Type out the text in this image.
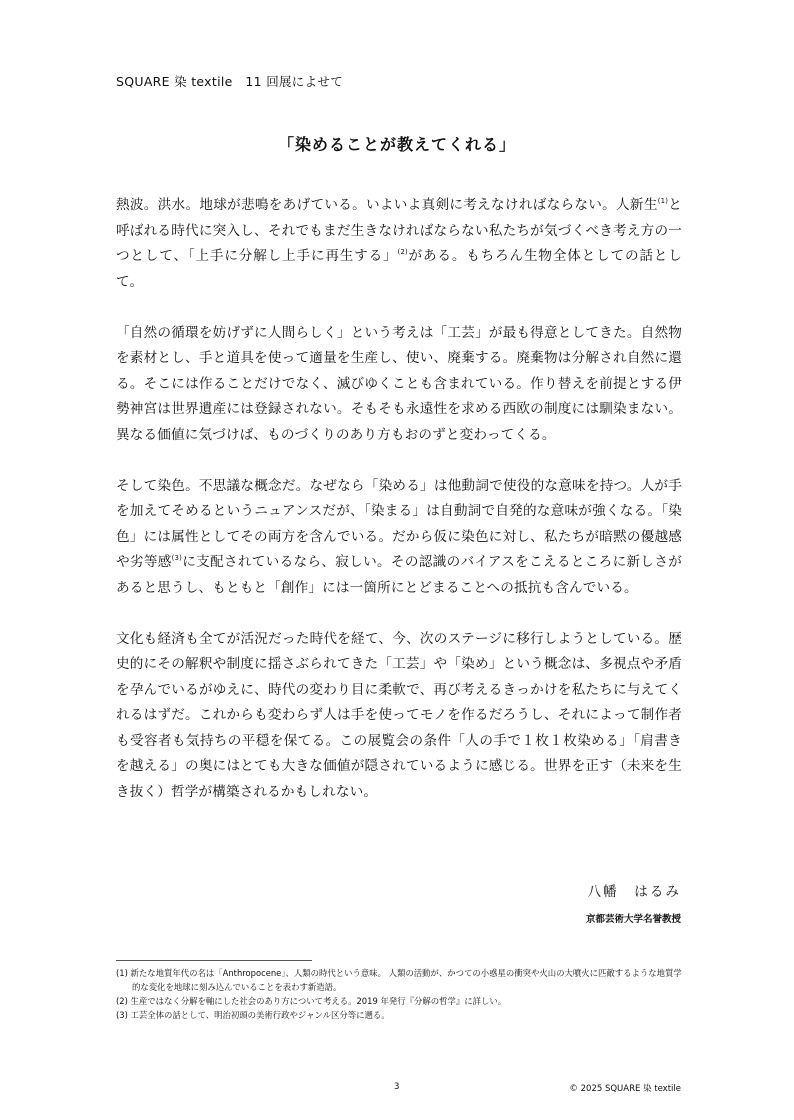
SQUARE 染 textile　11 回展によせて
「染めることが教えてくれる」

熱波。洪水。地球が悲鳴をあげている。いよいよ真剣に考えなければならない。人新生$^{(1)}$と呼ばれる時代に突入し、それでもまだ生きなければならない私たちが気づくべき考え方の一つとして、「上手に分解し上手に再生する」$^{(2)}$がある。もちろん生物全体としての話として。

「自然の循環を妨げずに人間らしく」という考えは「工芸」が最も得意としてきた。自然物を素材とし、手と道具を使って適量を生産し、使い、廃棄する。廃棄物は分解され自然に還る。そこには作ることだけでなく、滅びゆくことも含まれている。作り替えを前提とする伊勢神宮は世界遺産には登録されない。そもそも永遠性を求める西欧の制度には馴染まない。異なる価値に気づけば、ものづくりのあり方もおのずと変わってくる。

そして染色。不思議な概念だ。なぜなら「染める」は他動詞で使役的な意味を持つ。人が手を加えてそめるというニュアンスだが、「染まる」は自動詞で自発的な意味が強くなる。「染色」には属性としてその両方を含んでいる。だから仮に染色に対し、私たちが暗黙の優越感や劣等感$^{(3)}$に支配されているなら、寂しい。その認識のバイアスをこえるところに新しさがあると思うし、もともと「創作」には一箇所にとどまることへの抵抗も含んでいる。

文化も経済も全てが活況だった時代を経て、今、次のステージに移行しようとしている。歴史的にその解釈や制度に揺さぶられてきた「工芸」や「染め」という概念は、多視点や矛盾を孕んでいるがゆえに、時代の変わり目に柔軟で、再び考えるきっかけを私たちに与えてくれるはずだ。これからも変わらず人は手を使ってモノを作るだろうし、それによって制作者も受容者も気持ちの平穏を保てる。この展覧会の条件「人の手で１枚１枚染める」「肩書きを越える」の奥にはとても大きな価値が隠されているように感じる。世界を正す（未来を生き抜く）哲学が構築されるかもしれない。

八幡　はるみ
京都芸術大学名誉教授

(1) 新たな地質年代の名は「Anthropocene」、人類の時代という意味。 人類の活動が、かつての小惑星の衝突や火山の大噴火に匹敵するような地質学的な変化を地球に刻み込んでいることを表わす新造語。

(2) 生産ではなく分解を軸にした社会のあり方について考える。2019 年発行『分解の哲学』に詳しい。

(3) 工芸全体の話として、明治初頭の美術行政やジャンル区分等に遡る。

3	© 2025 SQUARE 染 textile
